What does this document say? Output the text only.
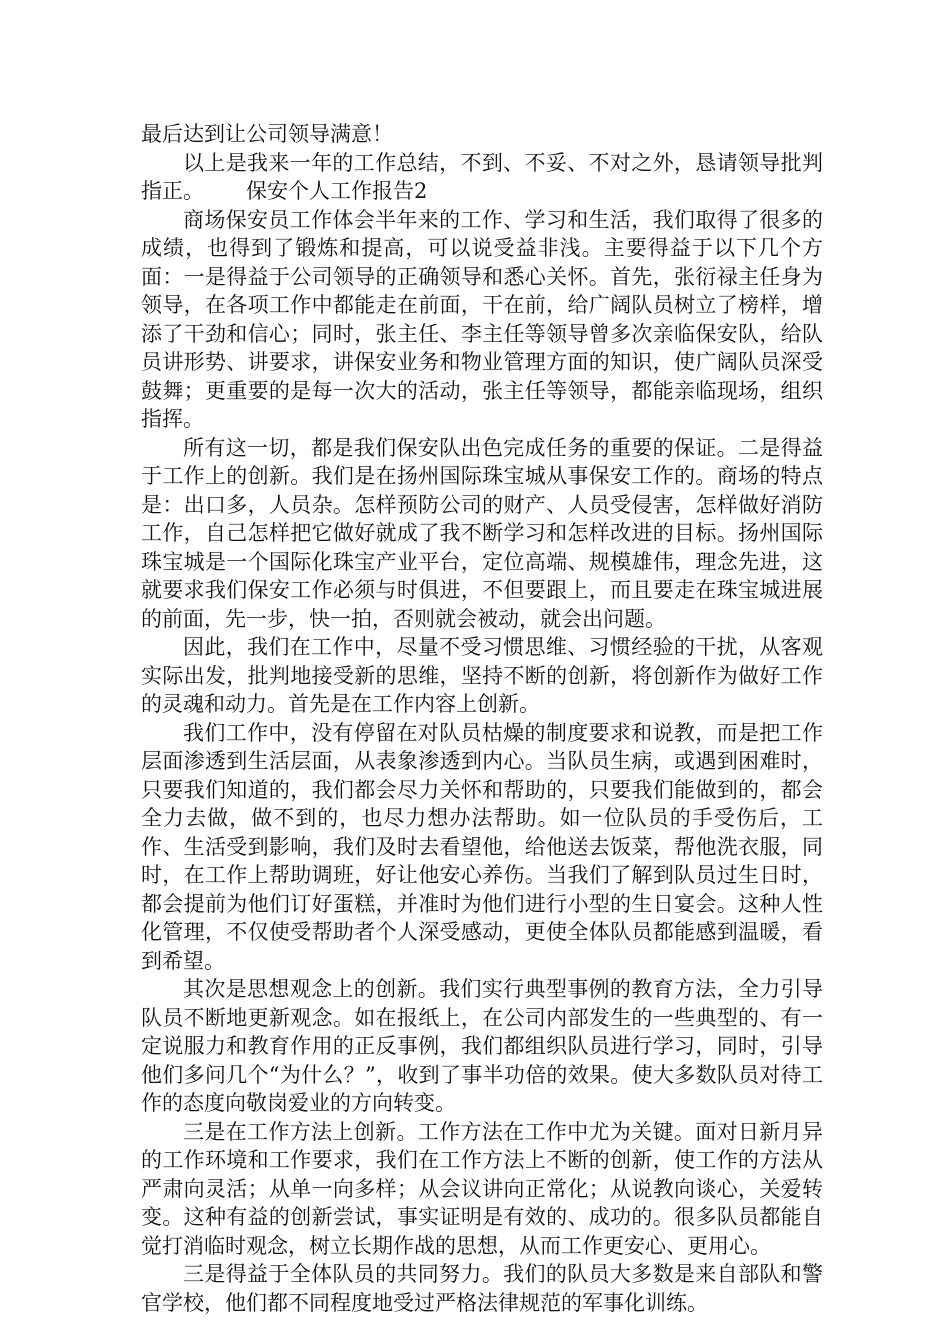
最后达到让公司领导满意！

以上是我来一年的工作总结，不到、不妥、不对之外，恳请领导批判指正。 保安个人工作报告2

商场保安员工作体会半年来的工作、学习和生活，我们取得了很多的成绩，也得到了锻炼和提高，可以说受益非浅。主要得益于以下几个方面：一是得益于公司领导的正确领导和悉心关怀。首先，张衍禄主任身为领导，在各项工作中都能走在前面，干在前，给广阔队员树立了榜样，增添了干劲和信心；同时，张主任、李主任等领导曾多次亲临保安队，给队员讲形势、讲要求，讲保安业务和物业管理方面的知识，使广阔队员深受鼓舞；更重要的是每一次大的活动，张主任等领导，都能亲临现场，组织指挥。

所有这一切，都是我们保安队出色完成任务的重要的保证。二是得益于工作上的创新。我们是在扬州国际珠宝城从事保安工作的。商场的特点是：出口多，人员杂。怎样预防公司的财产、人员受侵害，怎样做好消防工作，自己怎样把它做好就成了我不断学习和怎样改进的目标。扬州国际珠宝城是一个国际化珠宝产业平台，定位高端、规模雄伟，理念先进，这就要求我们保安工作必须与时俱进，不但要跟上，而且要走在珠宝城进展的前面，先一步，快一拍，否则就会被动，就会出问题。

因此，我们在工作中，尽量不受习惯思维、习惯经验的干扰，从客观实际出发，批判地接受新的思维，坚持不断的创新，将创新作为做好工作的灵魂和动力。首先是在工作内容上创新。

我们工作中，没有停留在对队员枯燥的制度要求和说教，而是把工作层面渗透到生活层面，从表象渗透到内心。当队员生病，或遇到困难时，只要我们知道的，我们都会尽力关怀和帮助的，只要我们能做到的，都会全力去做，做不到的，也尽力想办法帮助。如一位队员的手受伤后，工作、生活受到影响，我们及时去看望他，给他送去饭菜，帮他洗衣服，同时，在工作上帮助调班，好让他安心养伤。当我们了解到队员过生日时，都会提前为他们订好蛋糕，并准时为他们进行小型的生日宴会。这种人性化管理，不仅使受帮助者个人深受感动，更使全体队员都能感到温暖，看到希望。

其次是思想观念上的创新。我们实行典型事例的教育方法，全力引导队员不断地更新观念。如在报纸上，在公司内部发生的一些典型的、有一定说服力和教育作用的正反事例，我们都组织队员进行学习，同时，引导他们多问几个“为什么？”，收到了事半功倍的效果。使大多数队员对待工作的态度向敬岗爱业的方向转变。

三是在工作方法上创新。工作方法在工作中尤为关键。面对日新月异的工作环境和工作要求，我们在工作方法上不断的创新，使工作的方法从严肃向灵活；从单一向多样；从会议讲向正常化；从说教向谈心，关爱转变。这种有益的创新尝试，事实证明是有效的、成功的。很多队员都能自觉打消临时观念，树立长期作战的思想，从而工作更安心、更用心。

三是得益于全体队员的共同努力。我们的队员大多数是来自部队和警官学校，他们都不同程度地受过严格法律规范的军事化训练。
